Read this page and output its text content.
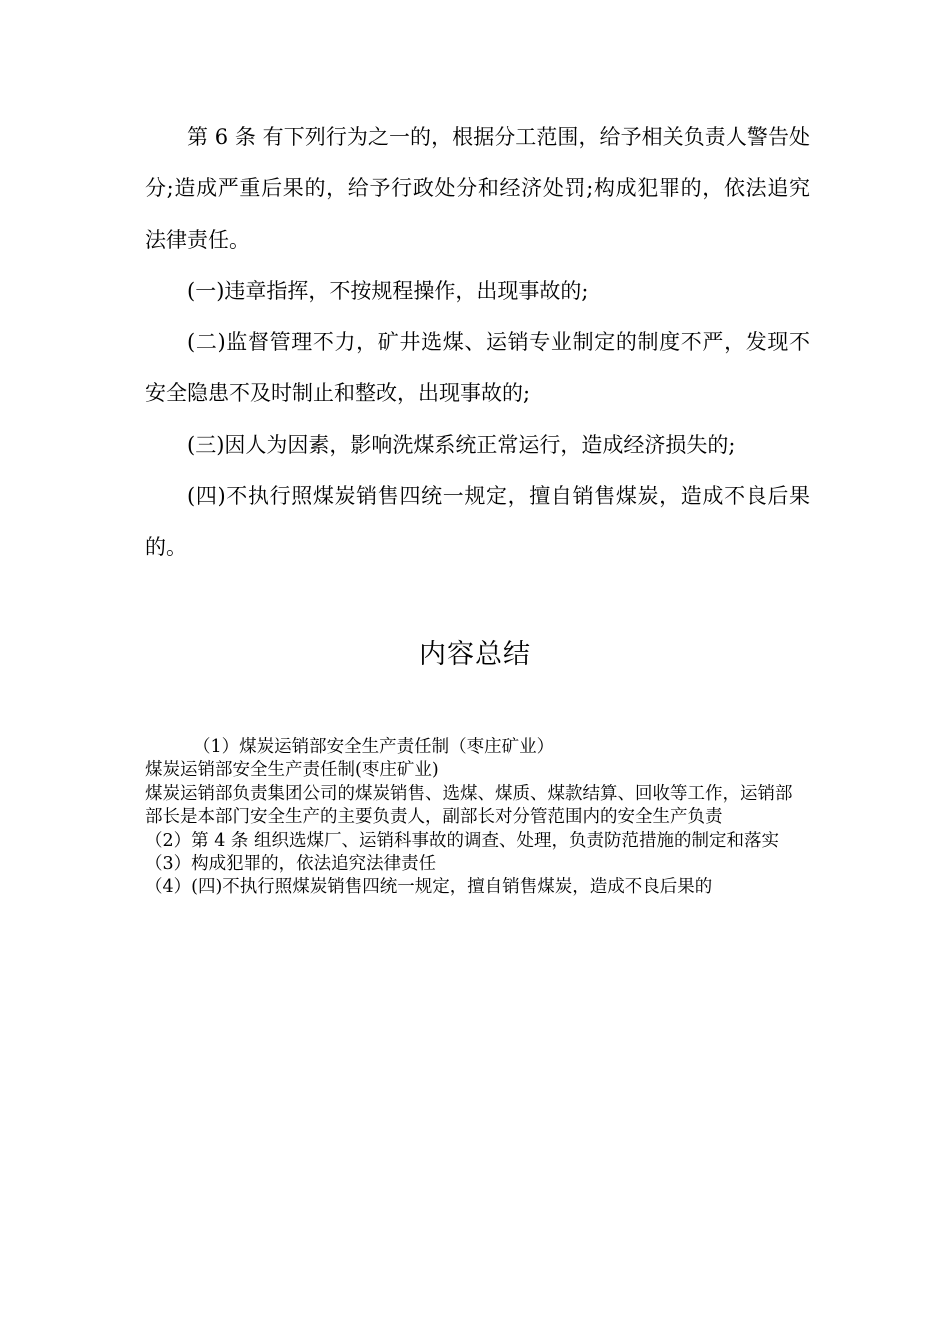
第 6 条 有下列行为之一的，根据分工范围，给予相关负责人警告处分;造成严重后果的，给予行政处分和经济处罚;构成犯罪的，依法追究法律责任。

(一)违章指挥，不按规程操作，出现事故的;

(二)监督管理不力，矿井选煤、运销专业制定的制度不严，发现不安全隐患不及时制止和整改，出现事故的;

(三)因人为因素，影响洗煤系统正常运行，造成经济损失的;

(四)不执行照煤炭销售四统一规定，擅自销售煤炭，造成不良后果的。

内容总结

（1）煤炭运销部安全生产责任制（枣庄矿业）

煤炭运销部安全生产责任制(枣庄矿业)

煤炭运销部负责集团公司的煤炭销售、选煤、煤质、煤款结算、回收等工作，运销部部长是本部门安全生产的主要负责人，副部长对分管范围内的安全生产负责

（2）第 4 条 组织选煤厂、运销科事故的调查、处理，负责防范措施的制定和落实

（3）构成犯罪的，依法追究法律责任

（4）(四)不执行照煤炭销售四统一规定，擅自销售煤炭，造成不良后果的
